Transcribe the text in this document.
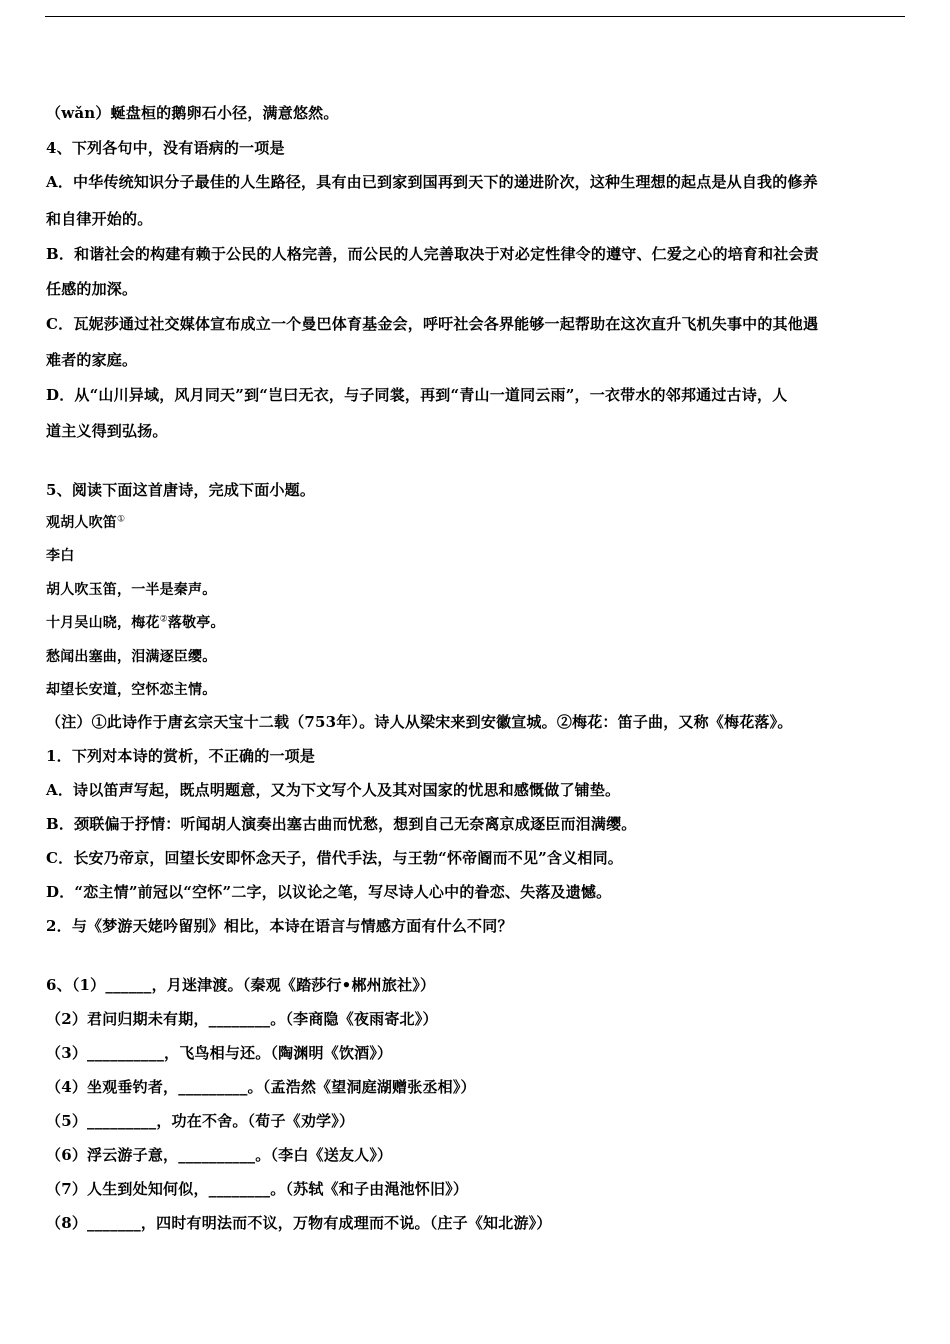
（wǎn）蜒盘桓的鹅卵石小径，满意悠然。
4、下列各句中，没有语病的一项是
A．中华传统知识分子最佳的人生路径，具有由已到家到国再到天下的递进阶次，这种生理想的起点是从自我的修养
和自律开始的。
B．和谐社会的构建有赖于公民的人格完善，而公民的人完善取决于对必定性律令的遵守、仁爱之心的培育和社会责
任感的加深。
C．瓦妮莎通过社交媒体宣布成立一个曼巴体育基金会，呼吁社会各界能够一起帮助在这次直升飞机失事中的其他遇
难者的家庭。
D．从“山川异域，风月同天”到“岂曰无衣，与子同裳，再到“青山一道同云雨”，一衣带水的邻邦通过古诗，人
道主义得到弘扬。
5、阅读下面这首唐诗，完成下面小题。
观胡人吹笛①
李白
胡人吹玉笛，一半是秦声。
十月吴山晓，梅花②落敬亭。
愁闻出塞曲，泪满逐臣缨。
却望长安道，空怀恋主情。
（注）①此诗作于唐玄宗天宝十二载（753年）。诗人从梁宋来到安徽宣城。②梅花：笛子曲，又称《梅花落》。
1．下列对本诗的赏析，不正确的一项是
A．诗以笛声写起，既点明题意，又为下文写个人及其对国家的忧思和感慨做了铺垫。
B．颈联偏于抒情：听闻胡人演奏出塞古曲而忧愁，想到自己无奈离京成逐臣而泪满缨。
C．长安乃帝京，回望长安即怀念天子，借代手法，与王勃“怀帝阍而不见”含义相同。
D．“恋主情”前冠以“空怀”二字，以议论之笔，写尽诗人心中的眷恋、失落及遗憾。
2．与《梦游天姥吟留别》相比，本诗在语言与情感方面有什么不同？
6、（1）______，月迷津渡。（秦观《踏莎行•郴州旅社》）
（2）君问归期未有期，________。（李商隐《夜雨寄北》）
（3）__________，飞鸟相与还。（陶渊明《饮酒》）
（4）坐观垂钓者，_________。（孟浩然《望洞庭湖赠张丞相》）
（5）_________，功在不舍。（荀子《劝学》）
（6）浮云游子意，__________。（李白《送友人》）
（7）人生到处知何似，________。（苏轼《和子由渑池怀旧》）
（8）_______，四时有明法而不议，万物有成理而不说。（庄子《知北游》）
